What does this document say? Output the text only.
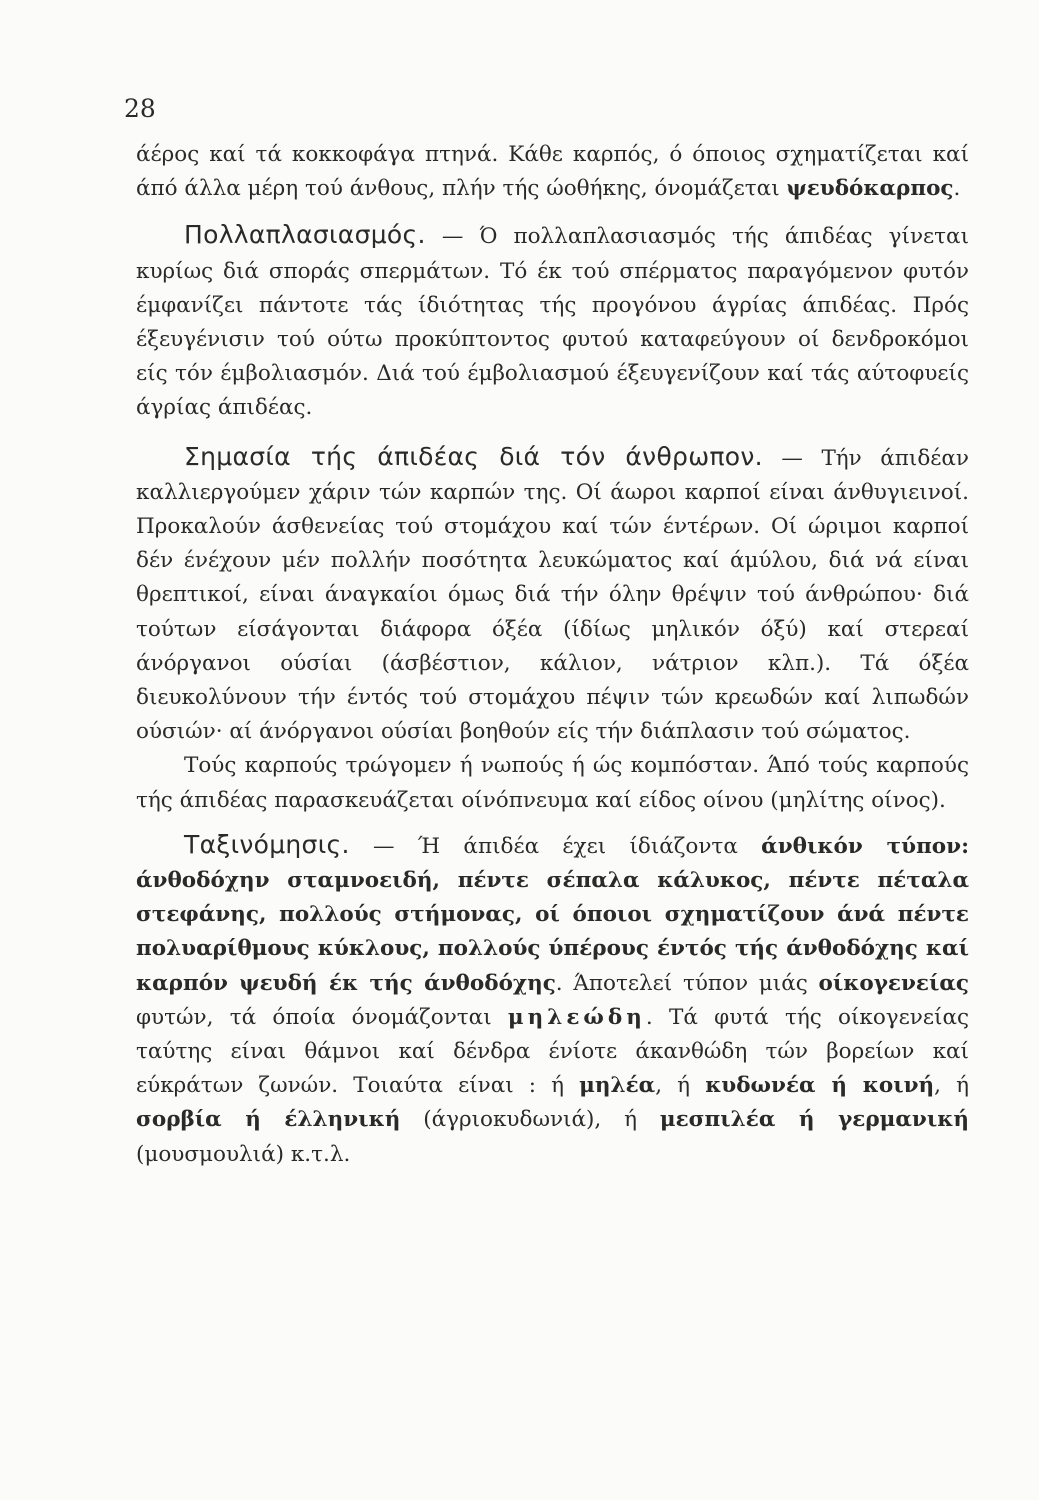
28

άέρος καί τά κοκκοφάγα πτηνά. Κάθε καρπός, ό όποιος σχηματίζεται καί άπό άλλα μέρη τού άνθους, πλήν τής ώοθήκης, όνομάζεται ψευδόκαρπος.

Πολλαπλασιασμός. — Ό πολλαπλασιασμός τής άπιδέας γίνεται κυρίως διά σποράς σπερμάτων. Τό έκ τού σπέρματος παραγόμενον φυτόν έμφανίζει πάντοτε τάς ίδιότητας τής προγόνου άγρίας άπιδέας. Πρός έξευγένισιν τού ούτω προκύπτοντος φυτού καταφεύγουν οί δενδροκόμοι είς τόν έμβολιασμόν. Διά τού έμβολιασμού έξευγενίζουν καί τάς αύτοφυείς άγρίας άπιδέας.

Σημασία τής άπιδέας διά τόν άνθρωπον. — Τήν άπιδέαν καλλιεργούμεν χάριν τών καρπών της. Οί άωροι καρποί είναι άνθυγιεινοί. Προκαλούν άσθενείας τού στομάχου καί τών έντέρων. Οί ώριμοι καρποί δέν ένέχουν μέν πολλήν ποσότητα λευκώματος καί άμύλου, διά νά είναι θρεπτικοί, είναι άναγκαίοι όμως διά τήν όλην θρέψιν τού άνθρώπου· διά τούτων είσάγονται διάφορα όξέα (ίδίως μηλικόν όξύ) καί στερεαί άνόργανοι ούσίαι (άσβέστιον, κάλιον, νάτριον κλπ.). Τά όξέα διευκολύνουν τήν έντός τού στομάχου πέψιν τών κρεωδών καί λιπωδών ούσιών· αί άνόργανοι ούσίαι βοηθούν είς τήν διάπλασιν τού σώματος.

Τούς καρπούς τρώγομεν ή νωπούς ή ώς κομπόσταν. Άπό τούς καρπούς τής άπιδέας παρασκευάζεται οίνόπνευμα καί είδος οίνου (μηλίτης οίνος).

Ταξινόμησις. — Ή άπιδέα έχει ίδιάζοντα άνθικόν τύπον: άνθοδόχην σταμνοειδή, πέντε σέπαλα κάλυκος, πέντε πέταλα στεφάνης, πολλούς στήμονας, οί όποιοι σχηματίζουν άνά πέντε πολυαρίθμους κύκλους, πολλούς ύπέρους έντός τής άνθοδόχης καί καρπόν ψευδή έκ τής άνθοδόχης. Άποτελεί τύπον μιάς οίκογενείας φυτών, τά όποία όνομάζονται μηλεώδη. Τά φυτά τής οίκογενείας ταύτης είναι θάμνοι καί δένδρα ένίοτε άκανθώδη τών βορείων καί εύκράτων ζωνών. Τοιαύτα είναι : ή μηλέα, ή κυδωνέα ή κοινή, ή σορβία ή έλληνική (άγριοκυδωνιά), ή μεσπιλέα ή γερμανική (μουσμουλιά) κ.τ.λ.
